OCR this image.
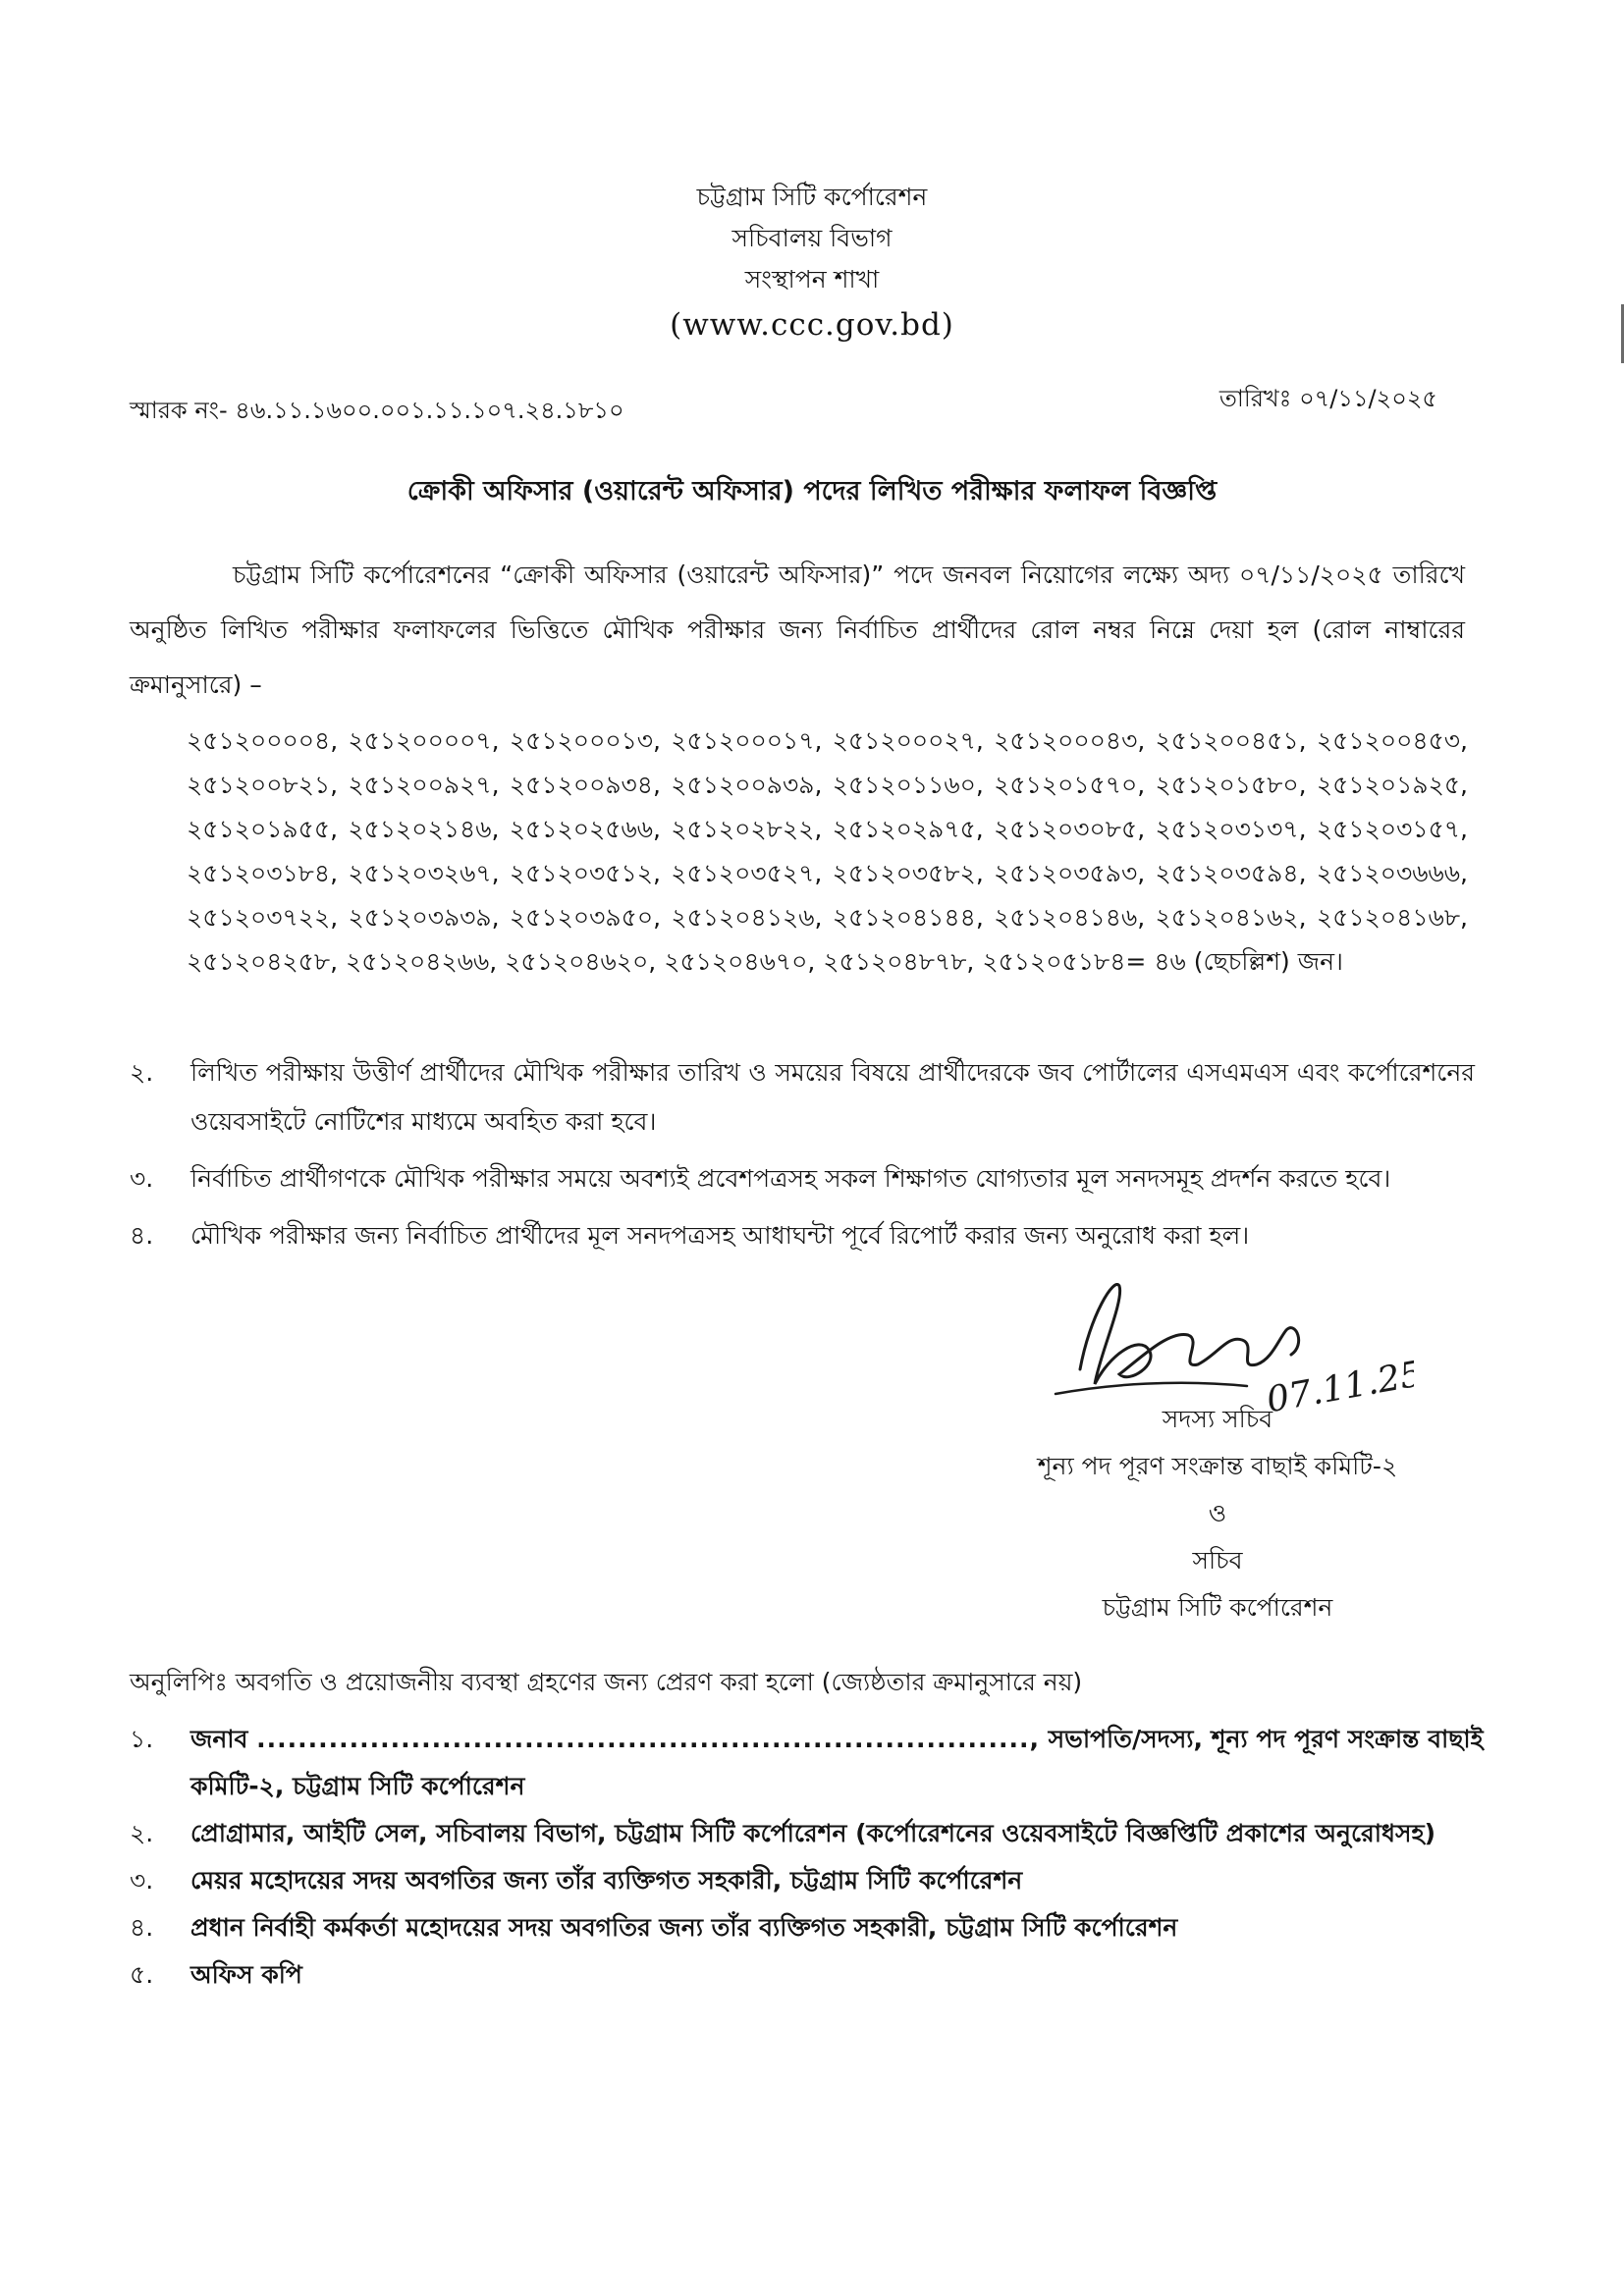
চট্টগ্রাম সিটি কর্পোরেশন
সচিবালয় বিভাগ
সংস্থাপন শাখা
(www.ccc.gov.bd)
স্মারক নং- ৪৬.১১.১৬০০.০০১.১১.১০৭.২৪.১৮১০	তারিখঃ ০৭/১১/২০২৫
ক্রোকী অফিসার (ওয়ারেন্ট অফিসার) পদের লিখিত পরীক্ষার ফলাফল বিজ্ঞপ্তি
চট্টগ্রাম সিটি কর্পোরেশনের “ক্রোকী অফিসার (ওয়ারেন্ট অফিসার)” পদে জনবল নিয়োগের লক্ষ্যে অদ্য ০৭/১১/২০২৫ তারিখে অনুষ্ঠিত লিখিত পরীক্ষার ফলাফলের ভিত্তিতে মৌখিক পরীক্ষার জন্য নির্বাচিত প্রার্থীদের রোল নম্বর নিম্নে দেয়া হল (রোল নাম্বারের ক্রমানুসারে) –
২৫১২০০০০৪, ২৫১২০০০০৭, ২৫১২০০০১৩, ২৫১২০০০১৭, ২৫১২০০০২৭, ২৫১২০০০৪৩, ২৫১২০০৪৫১, ২৫১২০০৪৫৩, ২৫১২০০৮২১, ২৫১২০০৯২৭, ২৫১২০০৯৩৪, ২৫১২০০৯৩৯, ২৫১২০১১৬০, ২৫১২০১৫৭০, ২৫১২০১৫৮০, ২৫১২০১৯২৫, ২৫১২০১৯৫৫, ২৫১২০২১৪৬, ২৫১২০২৫৬৬, ২৫১২০২৮২২, ২৫১২০২৯৭৫, ২৫১২০৩০৮৫, ২৫১২০৩১৩৭, ২৫১২০৩১৫৭, ২৫১২০৩১৮৪, ২৫১২০৩২৬৭, ২৫১২০৩৫১২, ২৫১২০৩৫২৭, ২৫১২০৩৫৮২, ২৫১২০৩৫৯৩, ২৫১২০৩৫৯৪, ২৫১২০৩৬৬৬, ২৫১২০৩৭২২, ২৫১২০৩৯৩৯, ২৫১২০৩৯৫০, ২৫১২০৪১২৬, ২৫১২০৪১৪৪, ২৫১২০৪১৪৬, ২৫১২০৪১৬২, ২৫১২০৪১৬৮, ২৫১২০৪২৫৮, ২৫১২০৪২৬৬, ২৫১২০৪৬২০, ২৫১২০৪৬৭০, ২৫১২০৪৮৭৮, ২৫১২০৫১৮৪= ৪৬ (ছেচল্লিশ) জন।
২.	লিখিত পরীক্ষায় উত্তীর্ণ প্রার্থীদের মৌখিক পরীক্ষার তারিখ ও সময়ের বিষয়ে প্রার্থীদেরকে জব পোর্টালের এসএমএস এবং কর্পোরেশনের ওয়েবসাইটে নোটিশের মাধ্যমে অবহিত করা হবে।
৩.	নির্বাচিত প্রার্থীগণকে মৌখিক পরীক্ষার সময়ে অবশ্যই প্রবেশপত্রসহ সকল শিক্ষাগত যোগ্যতার মূল সনদসমূহ প্রদর্শন করতে হবে।
৪.	মৌখিক পরীক্ষার জন্য নির্বাচিত প্রার্থীদের মূল সনদপত্রসহ আধাঘন্টা পূর্বে রিপোর্ট করার জন্য অনুরোধ করা হল।
07.11.25
সদস্য সচিব
শূন্য পদ পূরণ সংক্রান্ত বাছাই কমিটি-২
ও
সচিব
চট্টগ্রাম সিটি কর্পোরেশন
অনুলিপিঃ অবগতি ও প্রয়োজনীয় ব্যবস্থা গ্রহণের জন্য প্রেরণ করা হলো (জ্যেষ্ঠতার ক্রমানুসারে নয়)
১.	জনাব ..........................................................................., সভাপতি/সদস্য, শূন্য পদ পূরণ সংক্রান্ত বাছাই কমিটি-২, চট্টগ্রাম সিটি কর্পোরেশন
২.	প্রোগ্রামার, আইটি সেল, সচিবালয় বিভাগ, চট্টগ্রাম সিটি কর্পোরেশন (কর্পোরেশনের ওয়েবসাইটে বিজ্ঞপ্তিটি প্রকাশের অনুরোধসহ)
৩.	মেয়র মহোদয়ের সদয় অবগতির জন্য তাঁর ব্যক্তিগত সহকারী, চট্টগ্রাম সিটি কর্পোরেশন
৪.	প্রধান নির্বাহী কর্মকর্তা মহোদয়ের সদয় অবগতির জন্য তাঁর ব্যক্তিগত সহকারী, চট্টগ্রাম সিটি কর্পোরেশন
৫.	অফিস কপি
